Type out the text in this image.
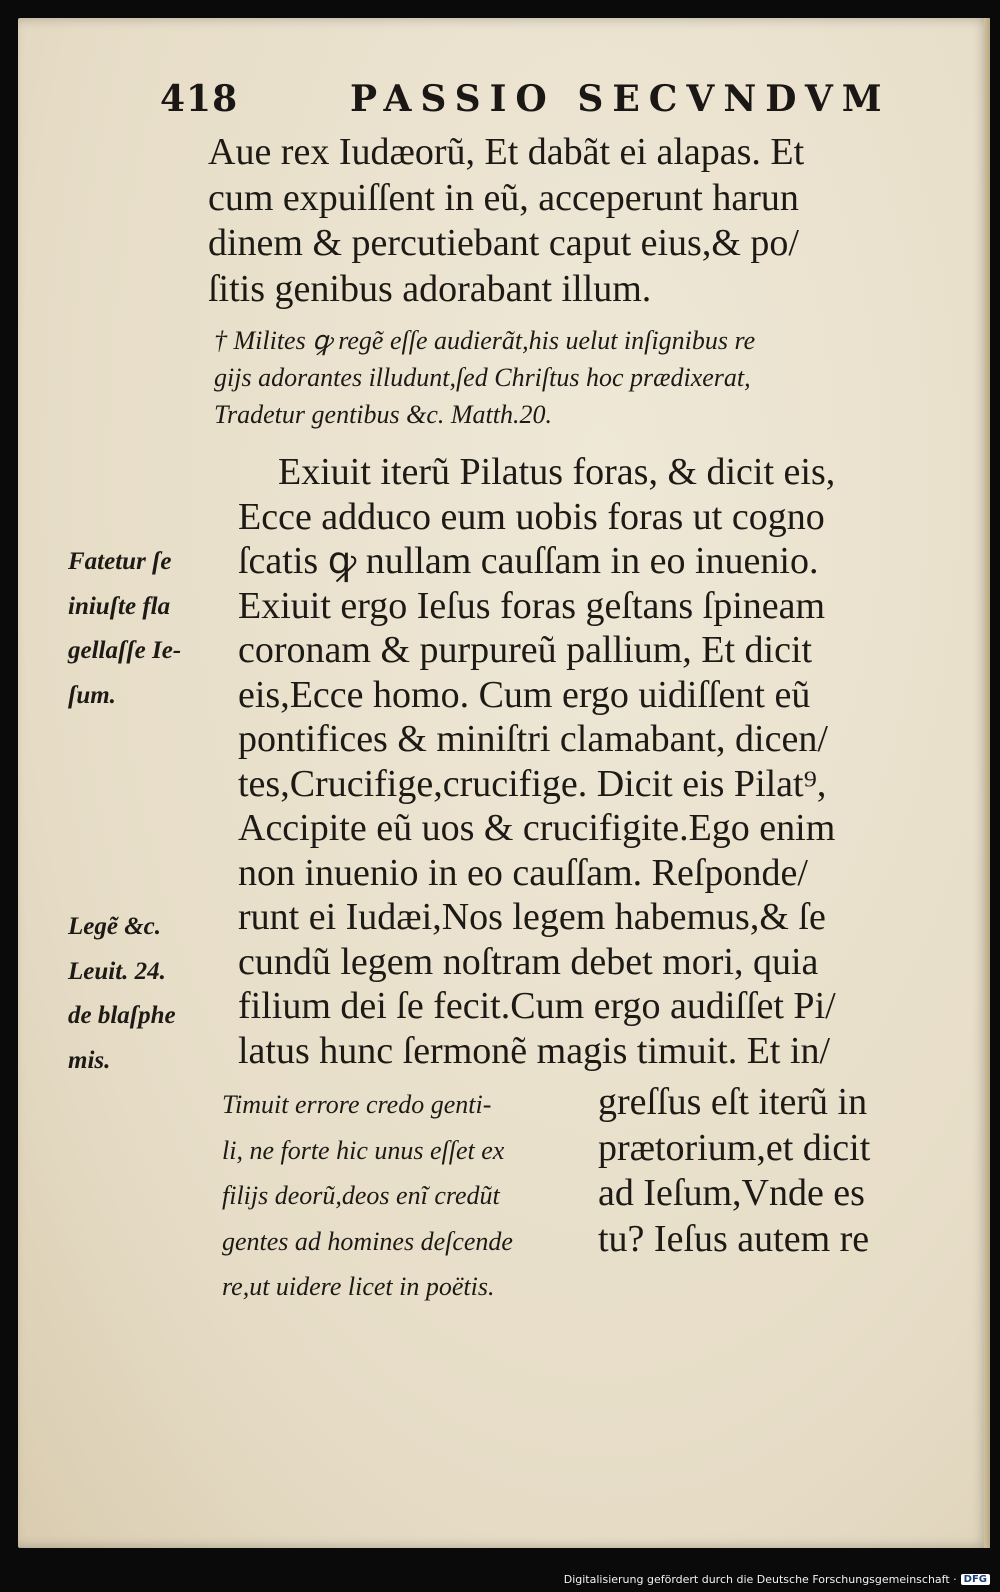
418	PASSIO SECVNDVM
Aue rex Iudæorũ, Et dabãt ei alapas. Et
cum expuiſſent in eũ, acceperunt harun
dinem & percutiebant caput eius,& po/
ſitis genibus adorabant illum.
† Milites ꝙ regẽ eſſe audierãt,his uelut inſignibus re
gijs adorantes illudunt,ſed Chriſtus hoc prædixerat,
Tradetur gentibus &c. Matth.20.
Exiuit iterũ Pilatus foras, & dicit eis,
Ecce adduco eum uobis foras ut cogno
ſcatis ꝙ nullam cauſſam in eo inuenio.
Exiuit ergo Ieſus foras geſtans ſpineam
coronam & purpureũ pallium, Et dicit
eis,Ecce homo. Cum ergo uidiſſent eũ
pontifices & miniſtri clamabant, dicen/
tes,Crucifige,crucifige. Dicit eis Pilat⁹,
Accipite eũ uos & crucifigite.Ego enim
non inuenio in eo cauſſam. Reſponde/
runt ei Iudæi,Nos legem habemus,& ſe
cundũ legem noſtram debet mori, quia
filium dei ſe fecit.Cum ergo audiſſet Pi/
latus hunc ſermonẽ magis timuit. Et in/
greſſus eſt iterũ in
prætorium,et dicit
ad Ieſum,Vnde es
tu? Ieſus autem re
Fatetur ſe
iniuſte fla
gellaſſe Ie-
ſum.
Legẽ &c.
Leuit. 24.
de blaſphe
mis.
Timuit errore credo genti-
li, ne forte hic unus eſſet ex
filijs deorũ,deos enĩ credũt
gentes ad homines deſcende
re,ut uidere licet in poëtis.
Digitalisierung gefördert durch die Deutsche Forschungsgemeinschaft · DFG
